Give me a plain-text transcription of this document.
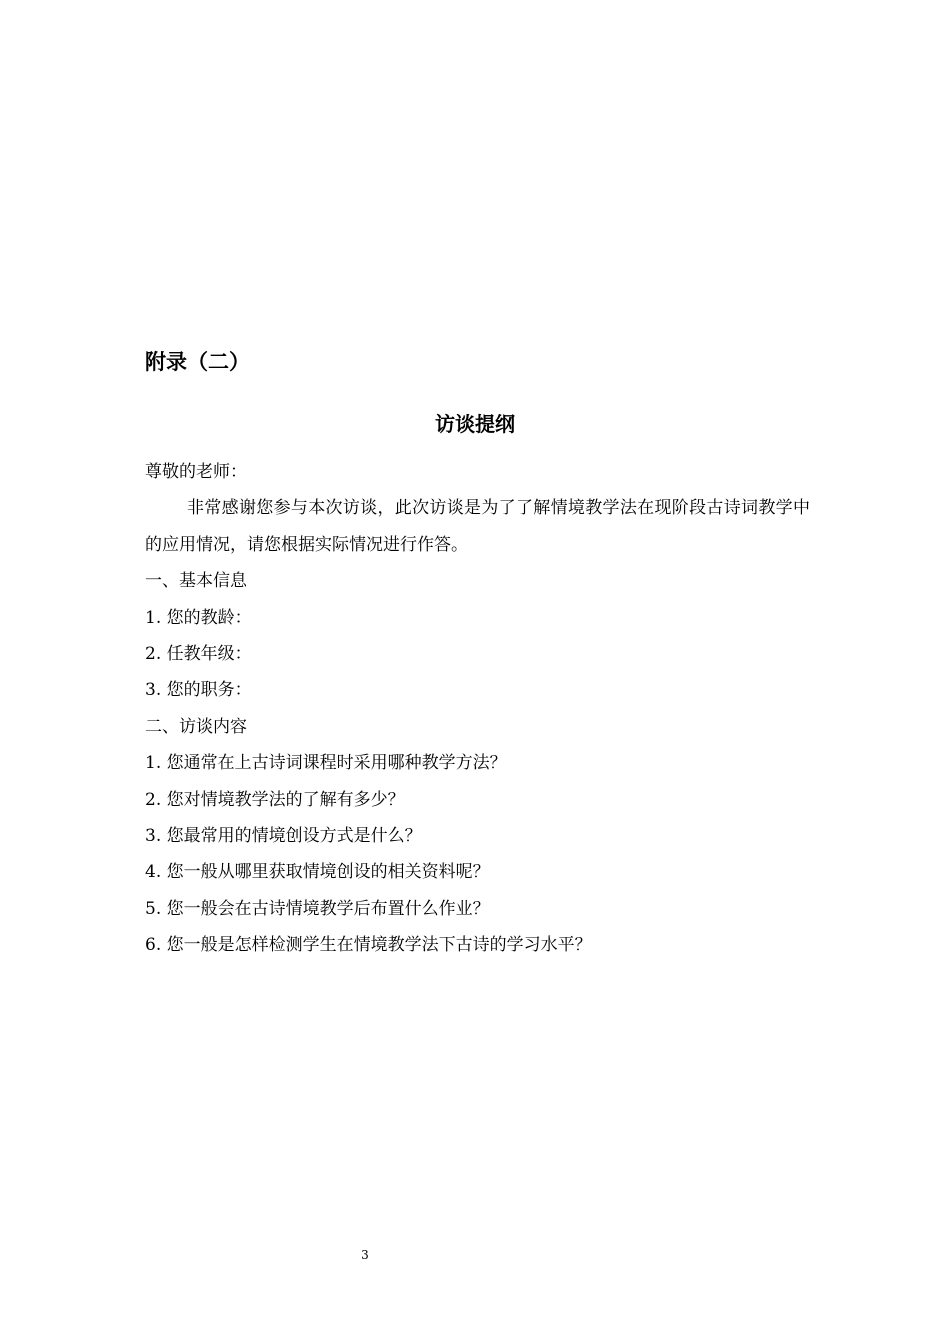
附录（二）
访谈提纲

尊敬的老师：

非常感谢您参与本次访谈，此次访谈是为了了解情境教学法在现阶段古诗词教学中的应用情况，请您根据实际情况进行作答。

一、基本信息

1. 您的教龄：

2. 任教年级：

3. 您的职务：

二、访谈内容

1. 您通常在上古诗词课程时采用哪种教学方法？

2. 您对情境教学法的了解有多少？

3. 您最常用的情境创设方式是什么？

4. 您一般从哪里获取情境创设的相关资料呢？

5. 您一般会在古诗情境教学后布置什么作业？

6. 您一般是怎样检测学生在情境教学法下古诗的学习水平？

3
